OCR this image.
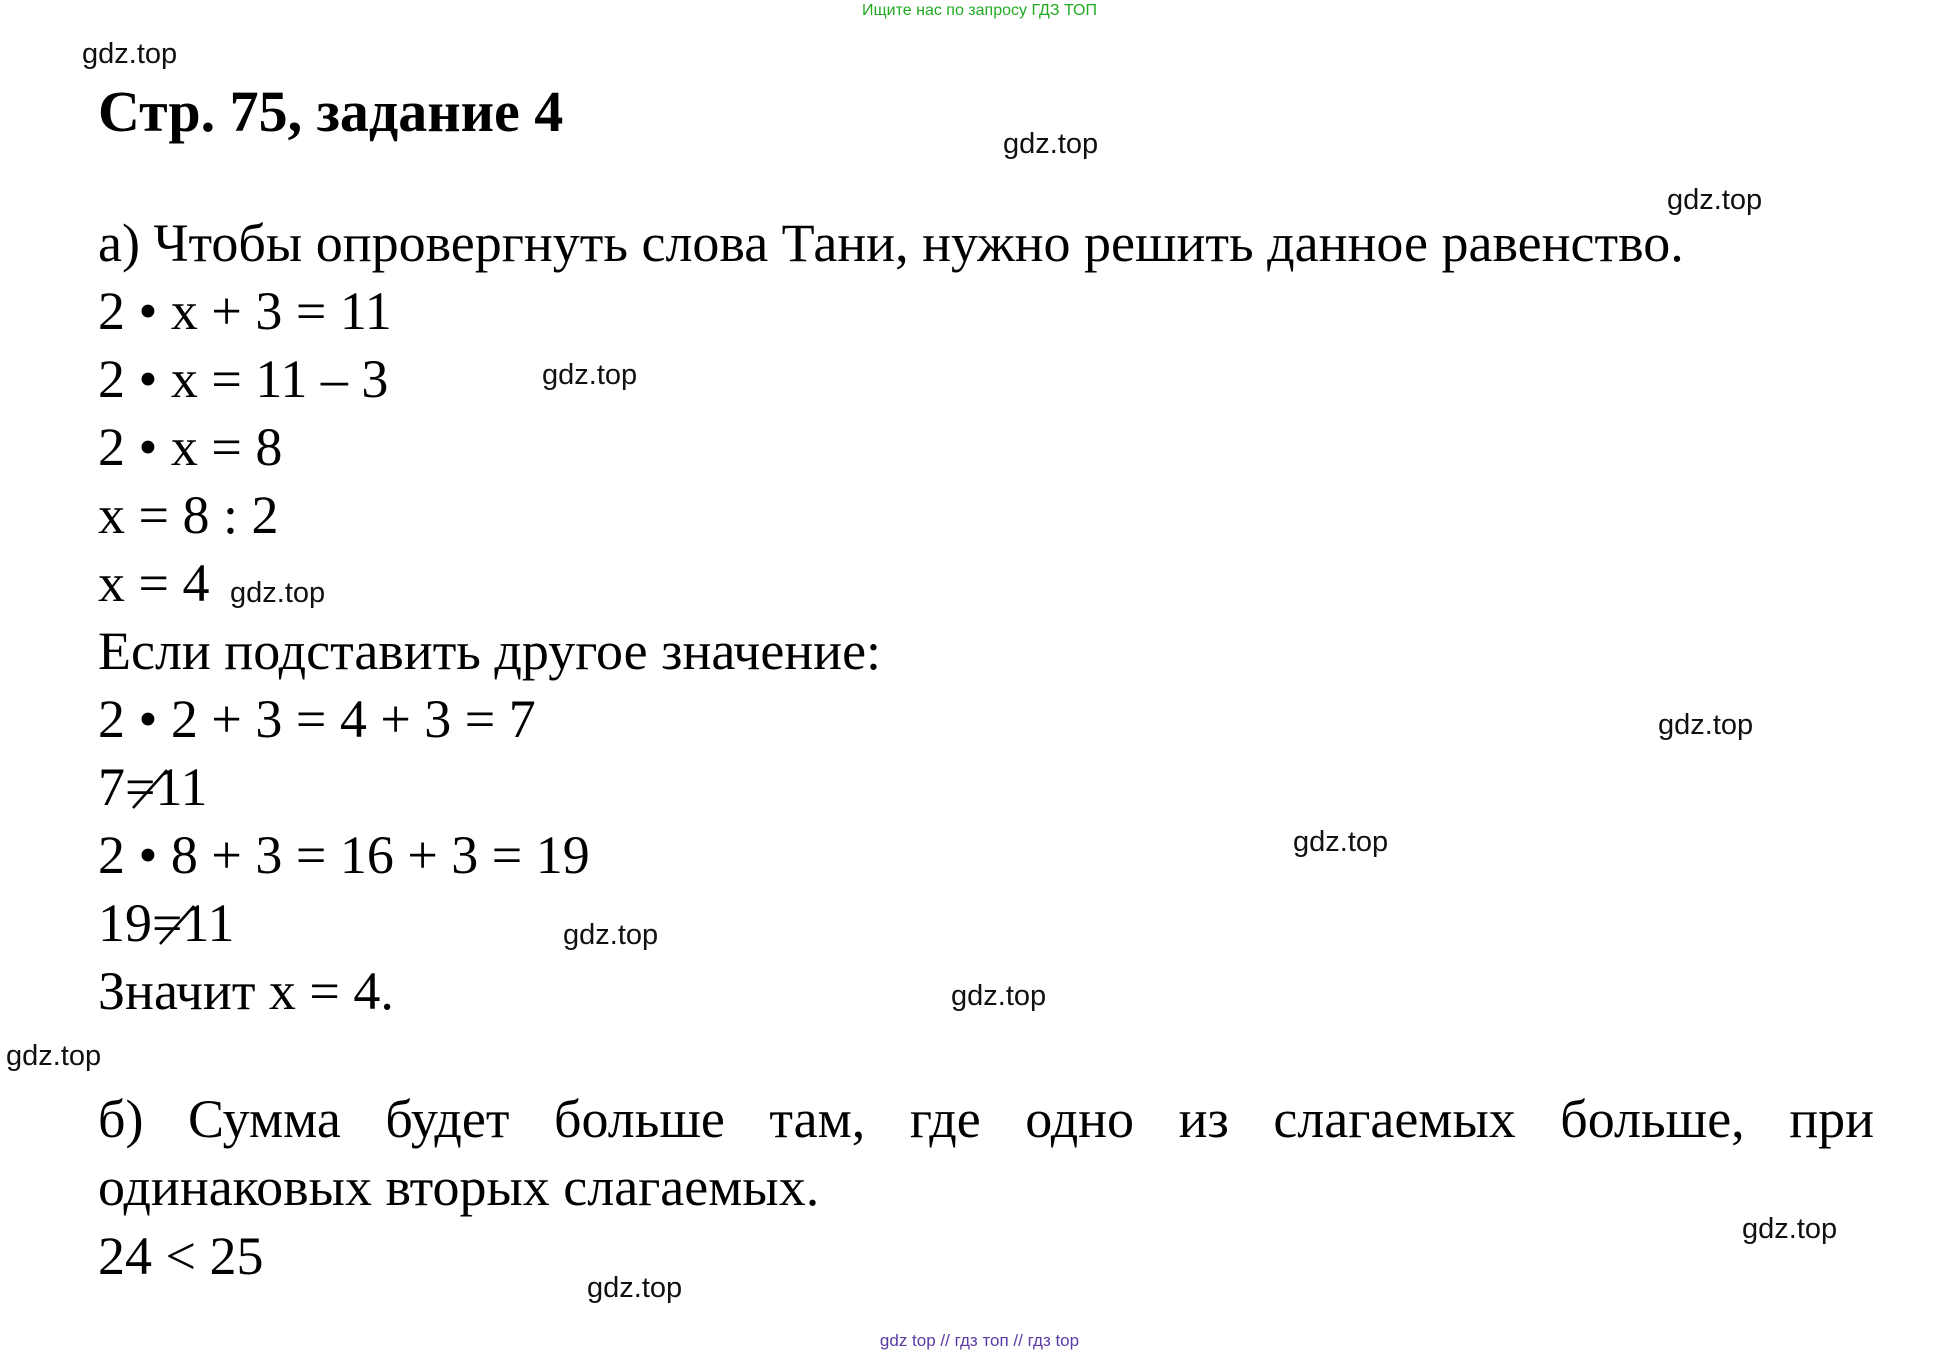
Ищите нас по запросу ГДЗ ТОП
gdz.top
gdz.top
gdz.top
gdz.top
gdz.top
gdz.top
gdz.top
gdz.top
gdz.top
gdz.top
gdz.top
gdz.top
Стр. 75, задание 4
а) Чтобы опровергнуть слова Тани, нужно решить данное равенство.
2 • x + 3 = 11
2 • x = 11 – 3
2 • x = 8
x = 8 : 2
x = 4
Если подставить другое значение:
2 • 2 + 3 = 4 + 3 = 7
7=
11
2 • 8 + 3 = 16 + 3 = 19
19=
11
Значит x = 4.
б) Сумма будет больше там, где одно из слагаемых больше, при
одинаковых вторых слагаемых.
24 < 25
gdz top // гдз топ // гдз top
